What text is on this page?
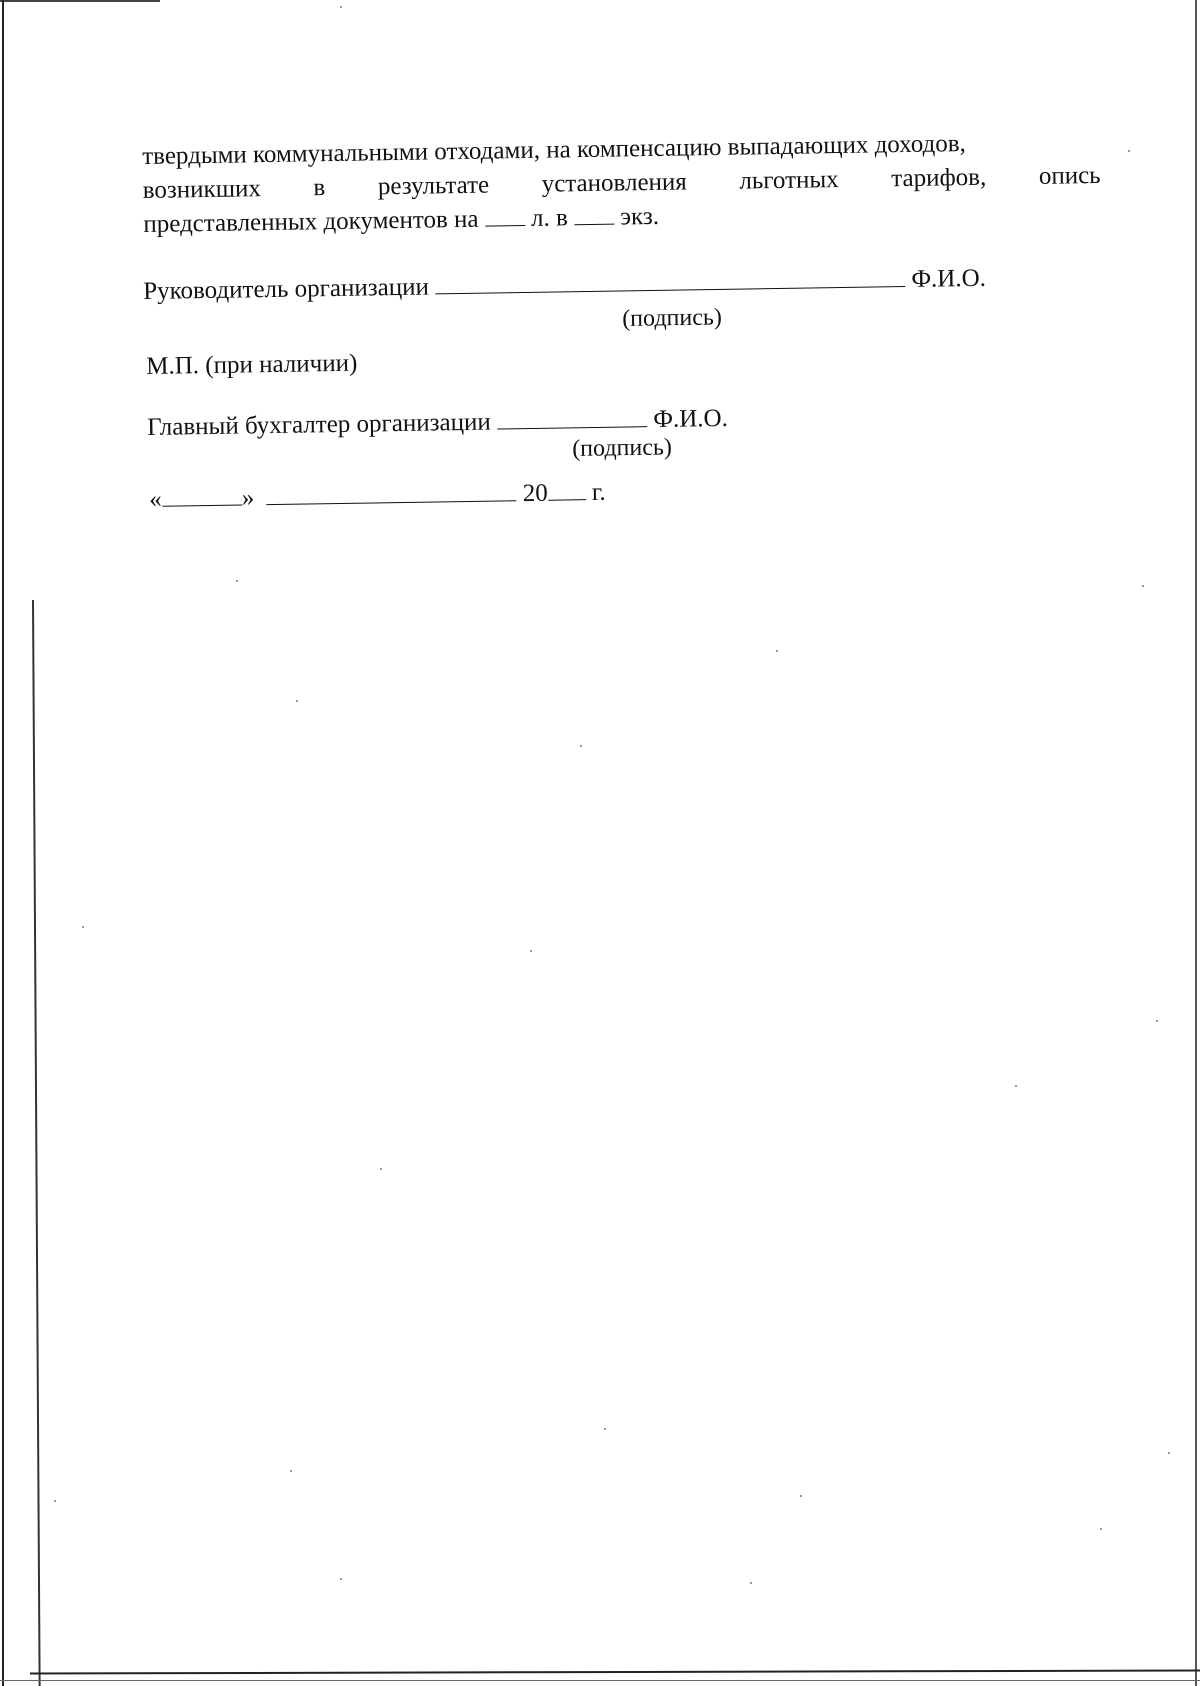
твердыми коммунальными отходами, на компенсацию выпадающих доходов,
возникших в результате установления льготных тарифов, опись
представленных документов на л. в экз.
Руководитель организации	Ф.И.О.
(подпись)
М.П. (при наличии)
Главный бухгалтер организации	Ф.И.О.
(подпись)
«	»	20 г.
